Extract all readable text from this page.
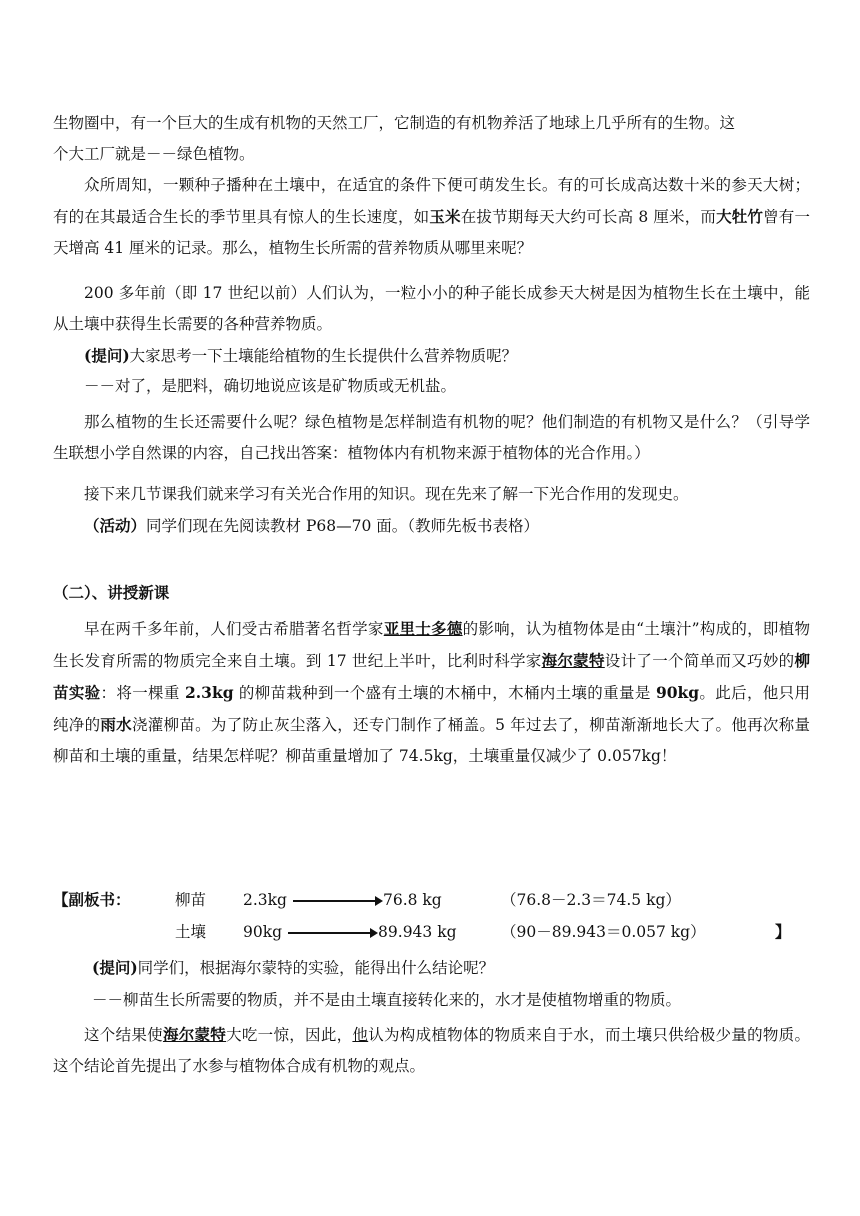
生物圈中，有一个巨大的生成有机物的天然工厂，它制造的有机物养活了地球上几乎所有的生物。这
个大工厂就是－－绿色植物。

众所周知，一颗种子播种在土壤中，在适宜的条件下便可萌发生长。有的可长成高达数十米的参天大树；有的在其最适合生长的季节里具有惊人的生长速度，如玉米在拔节期每天大约可长高 8 厘米，而大牡竹曾有一天增高 41 厘米的记录。那么，植物生长所需的营养物质从哪里来呢？

200 多年前（即 17 世纪以前）人们认为，一粒小小的种子能长成参天大树是因为植物生长在土壤中，能从土壤中获得生长需要的各种营养物质。

(提问)大家思考一下土壤能给植物的生长提供什么营养物质呢？

－－对了，是肥料，确切地说应该是矿物质或无机盐。

那么植物的生长还需要什么呢？绿色植物是怎样制造有机物的呢？他们制造的有机物又是什么？（引导学生联想小学自然课的内容，自己找出答案：植物体内有机物来源于植物体的光合作用。）

接下来几节课我们就来学习有关光合作用的知识。现在先来了解一下光合作用的发现史。

（活动）同学们现在先阅读教材 P68—70 面。（教师先板书表格）

（二）、讲授新课

早在两千多年前，人们受古希腊著名哲学家亚里士多德的影响，认为植物体是由“土壤汁”构成的，即植物生长发育所需的物质完全来自土壤。到 17 世纪上半叶，比利时科学家海尔蒙特设计了一个简单而又巧妙的柳苗实验：将一棵重 2.3kg 的柳苗栽种到一个盛有土壤的木桶中，木桶内土壤的重量是 90kg。此后，他只用纯净的雨水浇灌柳苗。为了防止灰尘落入，还专门制作了桶盖。5 年过去了，柳苗渐渐地长大了。他再次称量柳苗和土壤的重量，结果怎样呢？柳苗重量增加了 74.5kg，土壤重量仅减少了 0.057kg！

【副板书：	柳苗 2.3kg	76.8 kg	（76.8－2.3＝74.5 kg）
土壤 90kg	89.943 kg	（90－89.943＝0.057 kg）	】

(提问)同学们，根据海尔蒙特的实验，能得出什么结论呢？

－－柳苗生长所需要的物质，并不是由土壤直接转化来的，水才是使植物增重的物质。

这个结果使海尔蒙特大吃一惊，因此，他认为构成植物体的物质来自于水，而土壤只供给极少量的物质。这个结论首先提出了水参与植物体合成有机物的观点。
